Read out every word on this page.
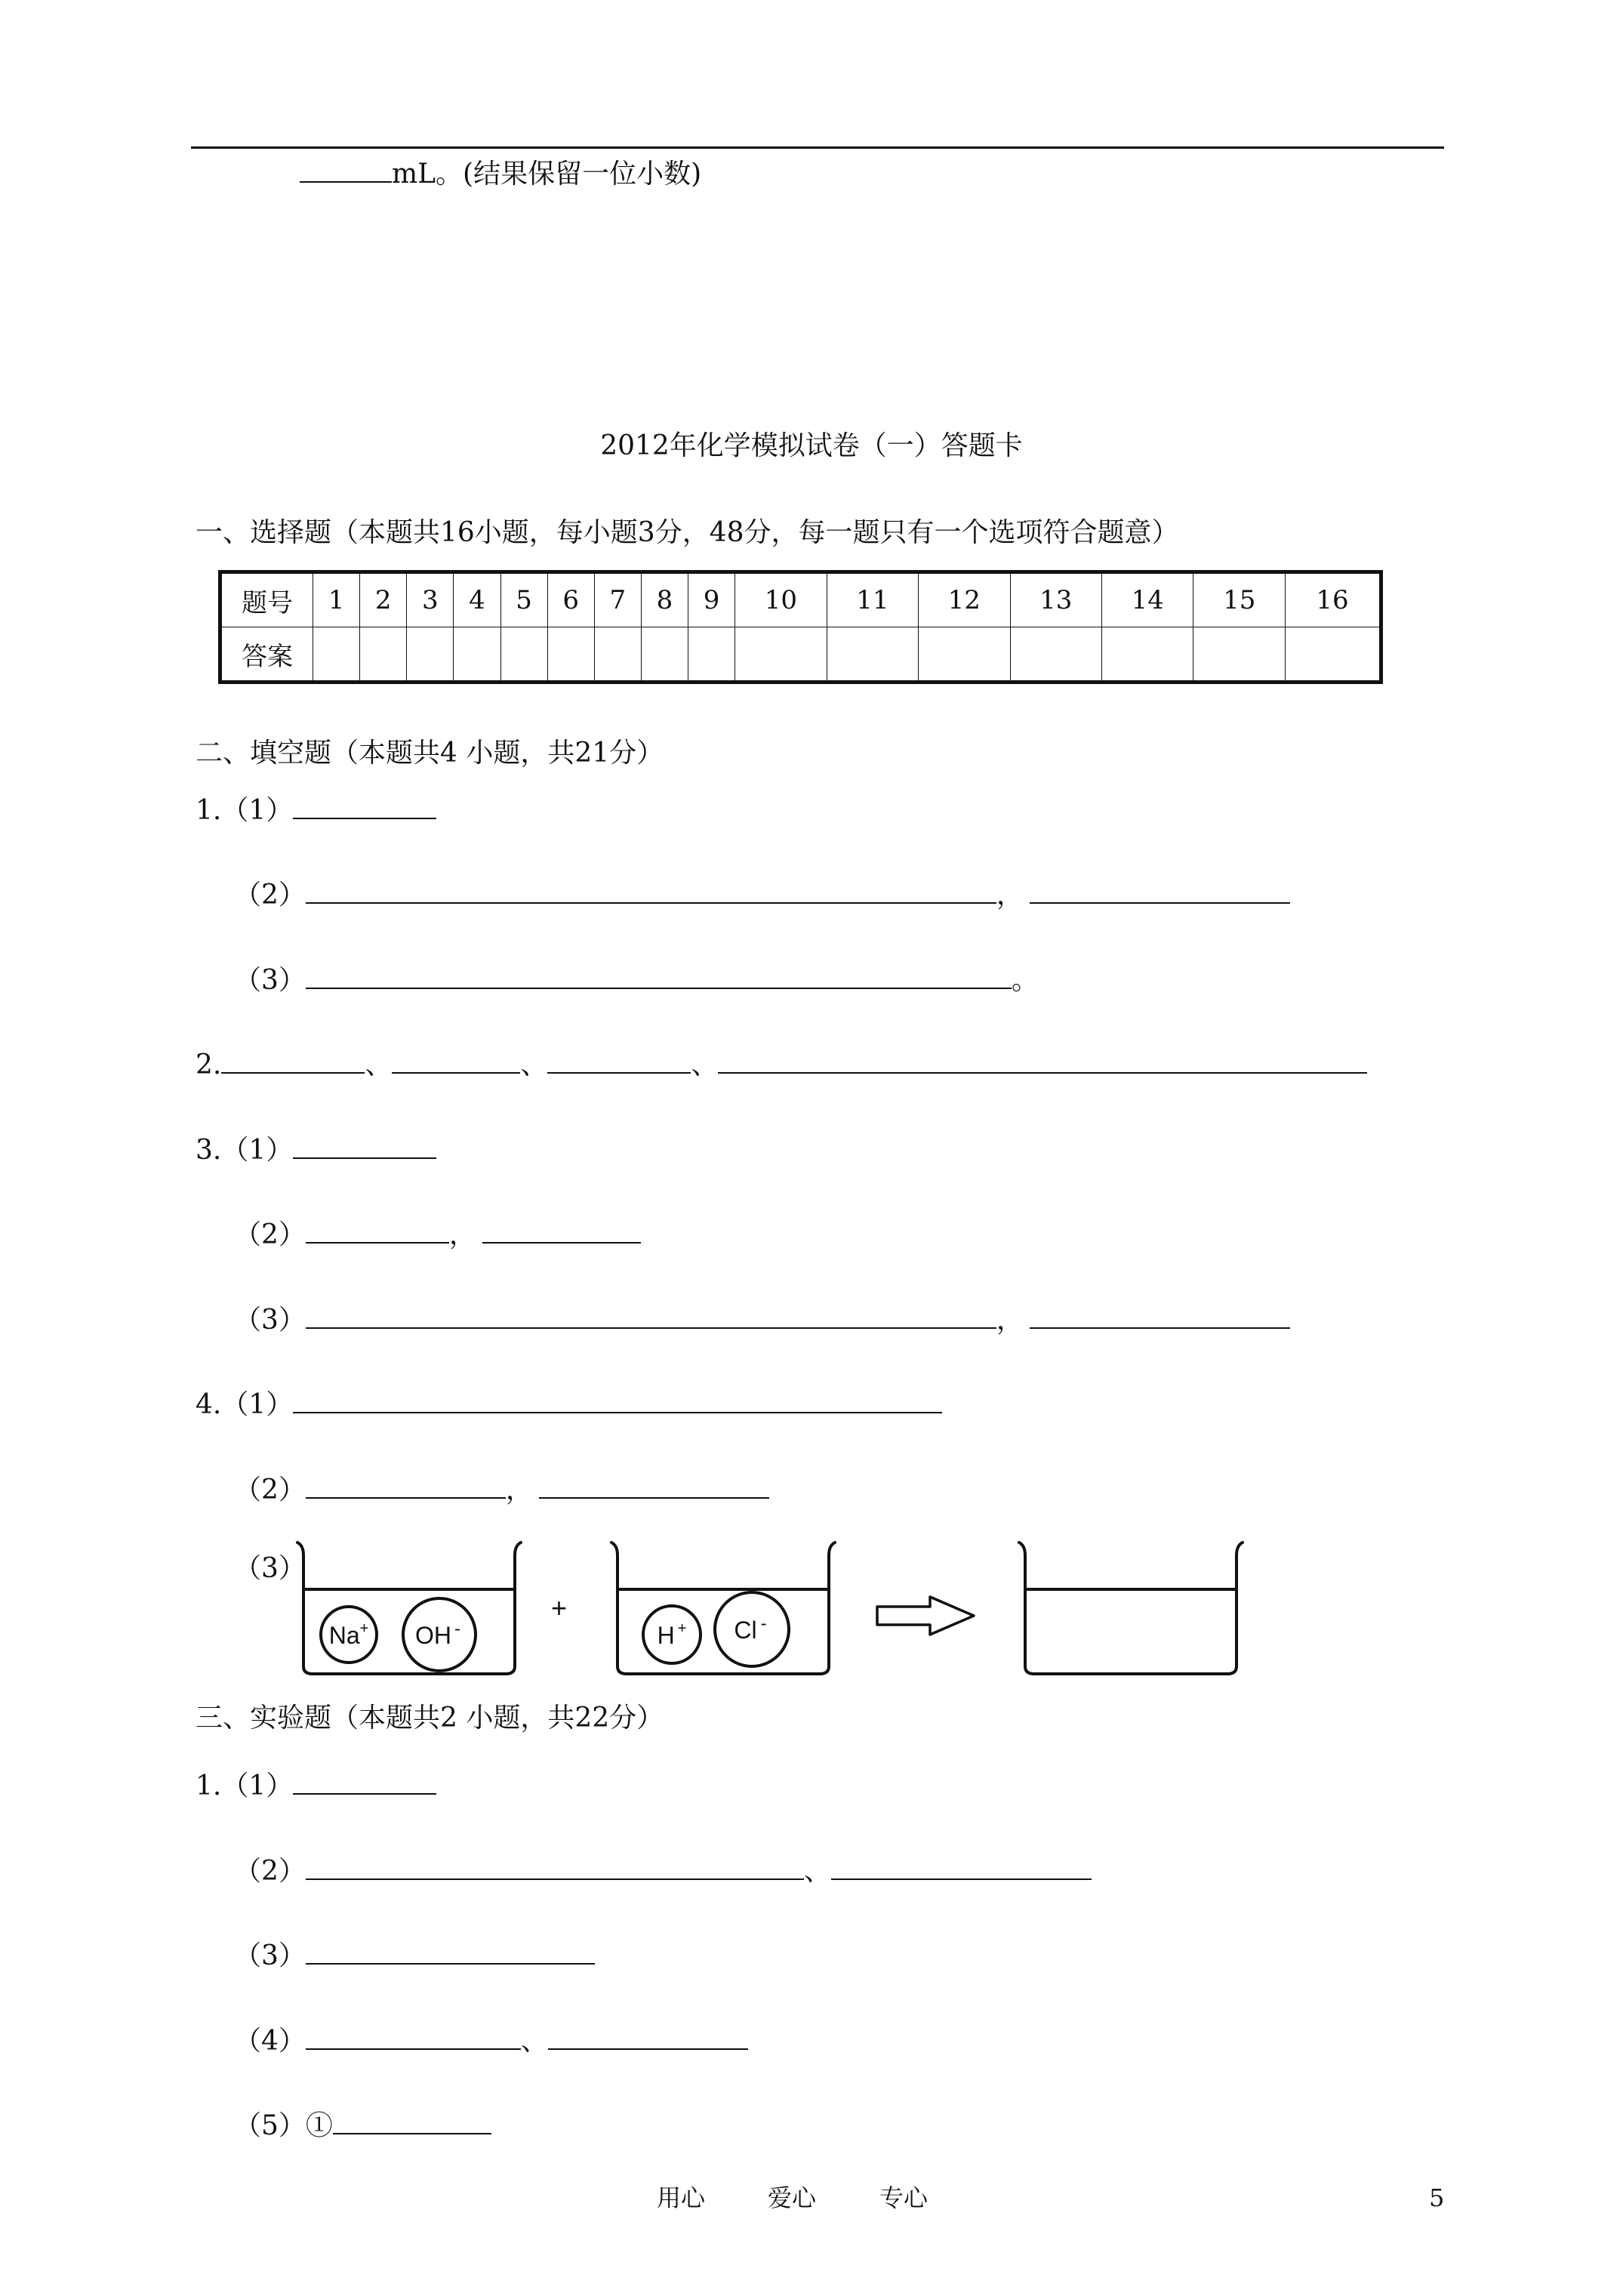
mL。(结果保留一位小数)
2012年化学模拟试卷（一）答题卡
一、选择题（本题共16小题，每小题3分，48分，每一题只有一个选项符合题意）
题号	1	2	3	4	5	6	7	8	9	10	11	12	13	14	15	16
答案																
二、填空题（本题共4 小题，共21分）
1.（1）
（2）	，
（3）	。
2.	、	、	、
3.（1）
（2）	，
（3）	，
4.（1）
（2）	，
（3）
+
Na+ OH -	H + Cl -
三、实验题（本题共2 小题，共22分）
1.（1）
（2）	、
（3）
（4）	、
（5）①
用心	爱心	专心	5
